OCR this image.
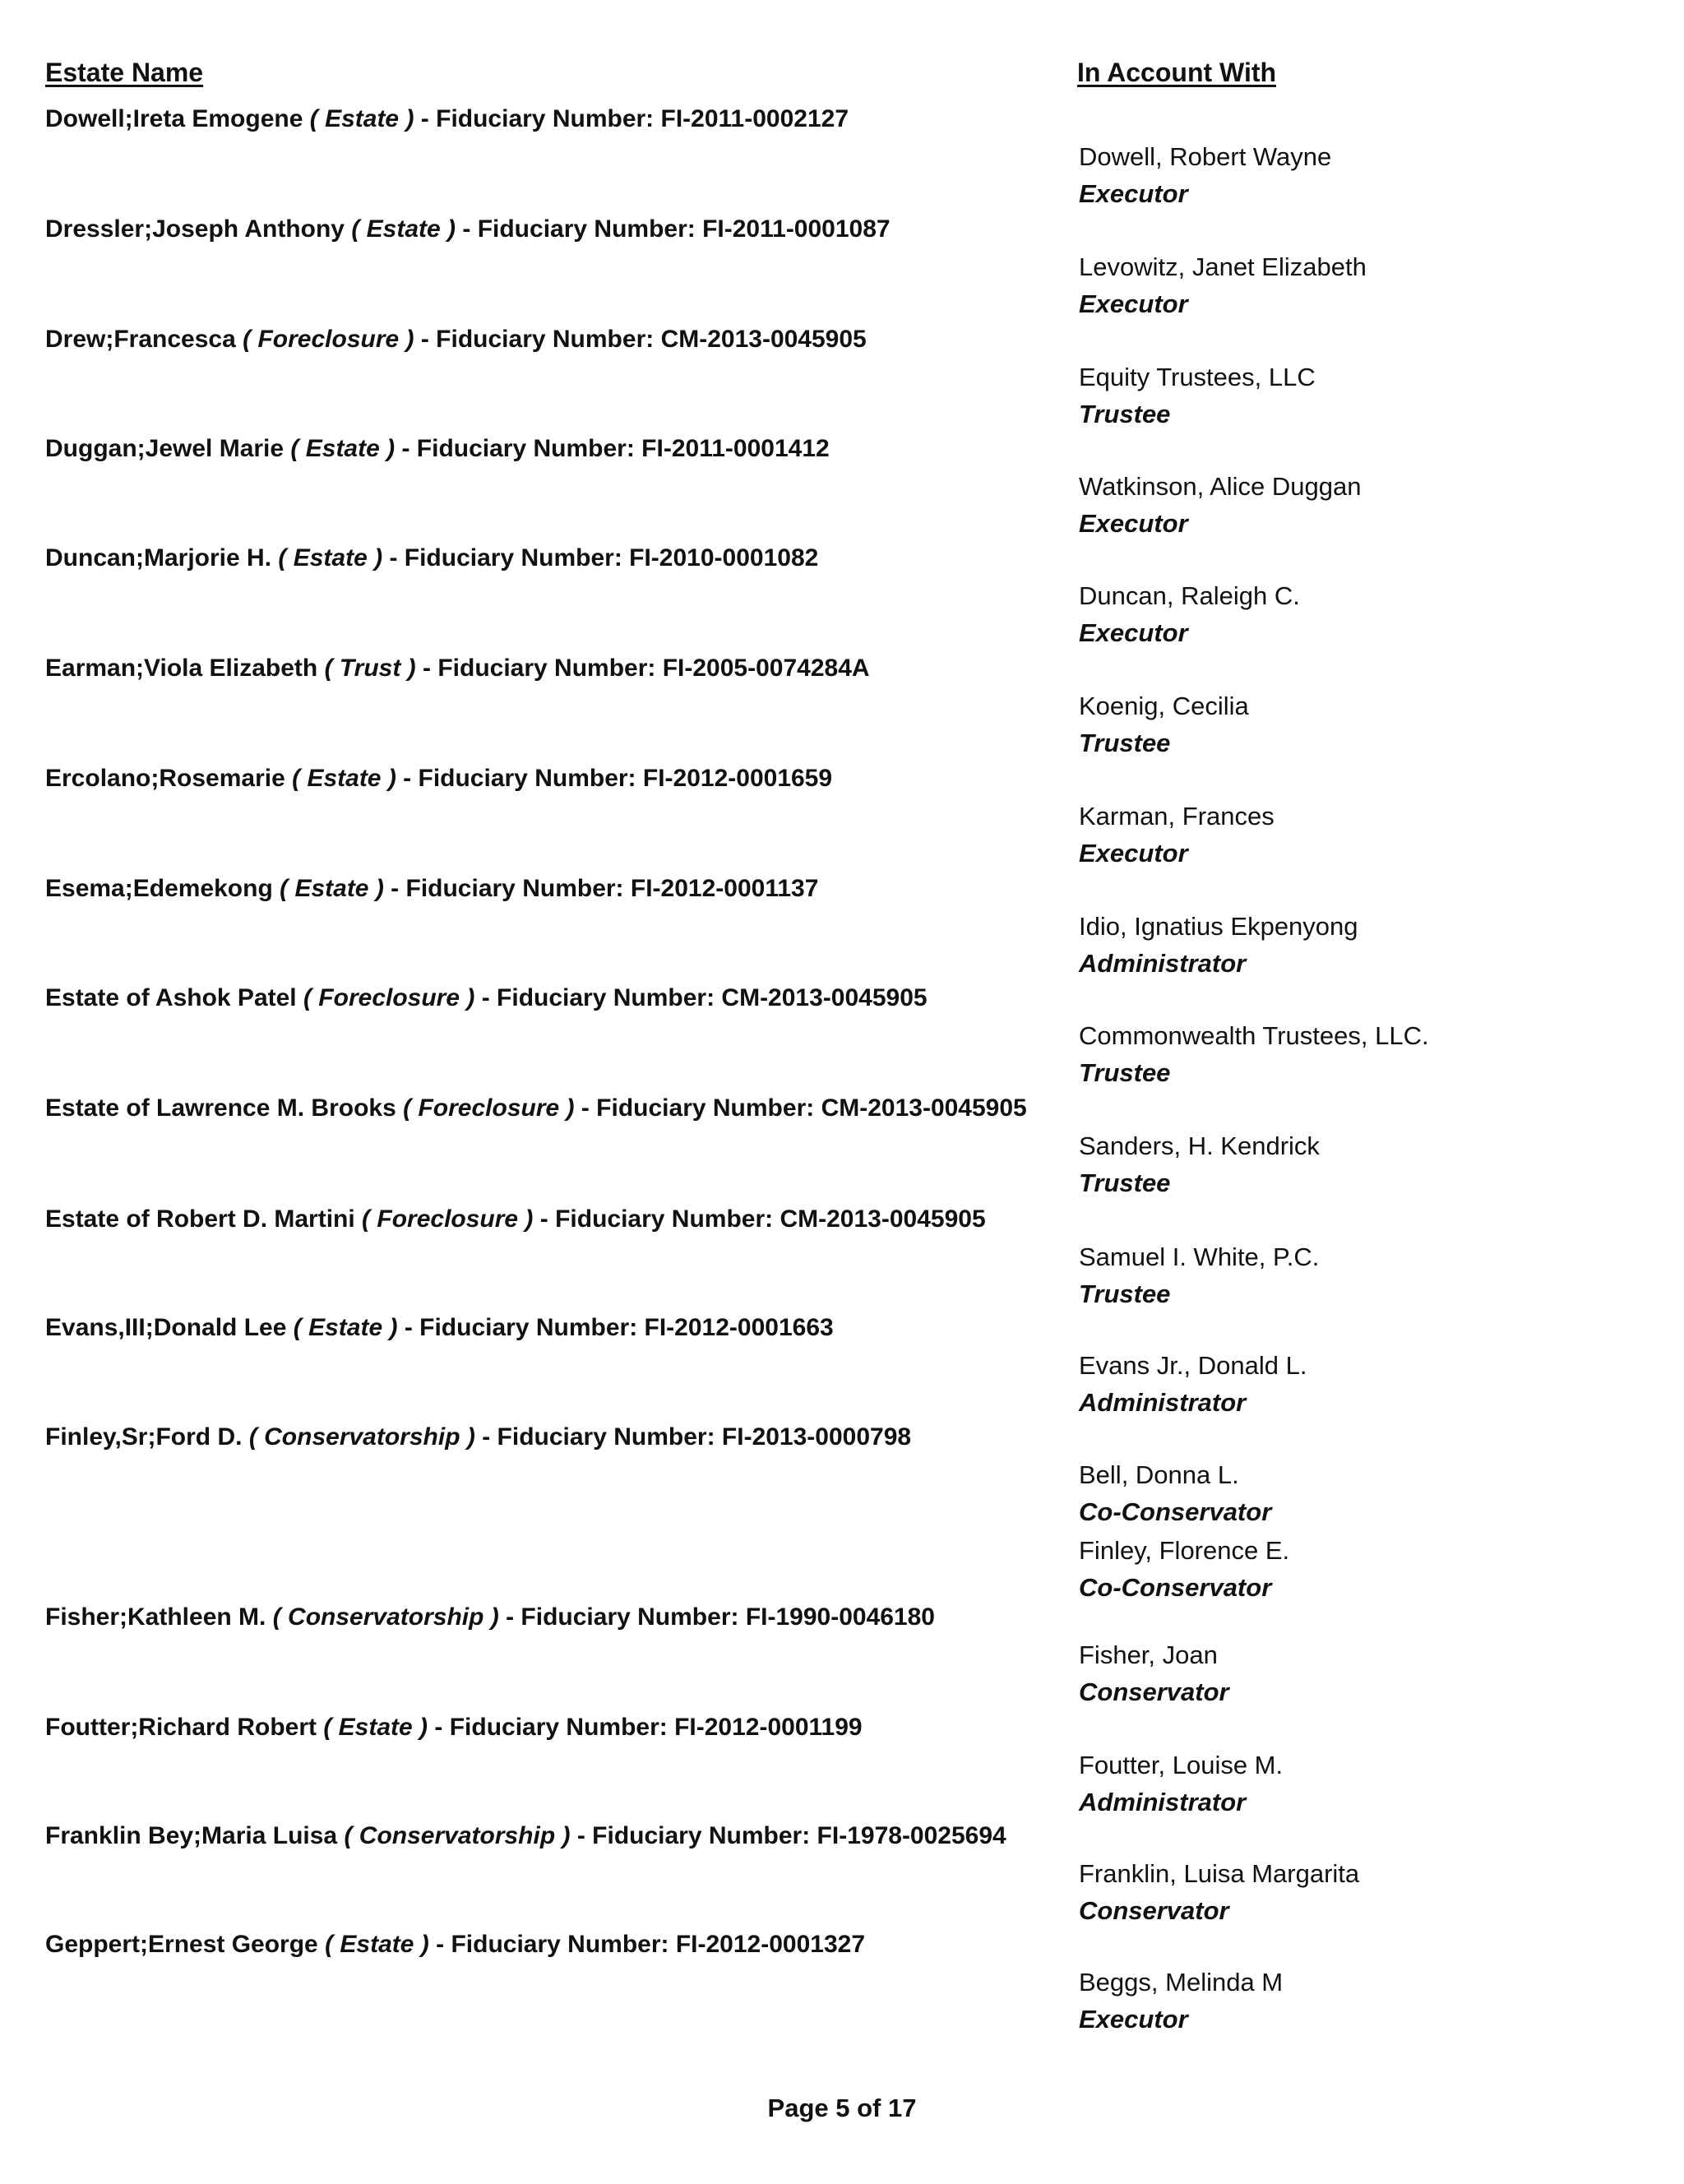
Estate Name	In Account With
Dowell;Ireta Emogene ( Estate ) - Fiduciary Number: FI-2011-0002127
Dowell, Robert Wayne
Executor
Dressler;Joseph Anthony ( Estate ) - Fiduciary Number: FI-2011-0001087
Levowitz, Janet Elizabeth
Executor
Drew;Francesca ( Foreclosure ) - Fiduciary Number: CM-2013-0045905
Equity Trustees, LLC
Trustee
Duggan;Jewel Marie ( Estate ) - Fiduciary Number: FI-2011-0001412
Watkinson, Alice Duggan
Executor
Duncan;Marjorie H. ( Estate ) - Fiduciary Number: FI-2010-0001082
Duncan, Raleigh C.
Executor
Earman;Viola Elizabeth ( Trust ) - Fiduciary Number: FI-2005-0074284A
Koenig, Cecilia
Trustee
Ercolano;Rosemarie ( Estate ) - Fiduciary Number: FI-2012-0001659
Karman, Frances
Executor
Esema;Edemekong ( Estate ) - Fiduciary Number: FI-2012-0001137
Idio, Ignatius Ekpenyong
Administrator
Estate of Ashok Patel ( Foreclosure ) - Fiduciary Number: CM-2013-0045905
Commonwealth Trustees, LLC.
Trustee
Estate of Lawrence M. Brooks ( Foreclosure ) - Fiduciary Number: CM-2013-0045905
Sanders, H. Kendrick
Trustee
Estate of Robert D. Martini ( Foreclosure ) - Fiduciary Number: CM-2013-0045905
Samuel I. White, P.C.
Trustee
Evans,III;Donald Lee ( Estate ) - Fiduciary Number: FI-2012-0001663
Evans Jr., Donald L.
Administrator
Finley,Sr;Ford D. ( Conservatorship ) - Fiduciary Number: FI-2013-0000798
Bell, Donna L.
Co-Conservator
Finley, Florence E.
Co-Conservator
Fisher;Kathleen M. ( Conservatorship ) - Fiduciary Number: FI-1990-0046180
Fisher, Joan
Conservator
Foutter;Richard Robert ( Estate ) - Fiduciary Number: FI-2012-0001199
Foutter, Louise M.
Administrator
Franklin Bey;Maria Luisa ( Conservatorship ) - Fiduciary Number: FI-1978-0025694
Franklin, Luisa Margarita
Conservator
Geppert;Ernest George ( Estate ) - Fiduciary Number: FI-2012-0001327
Beggs, Melinda M
Executor
Page 5 of 17
